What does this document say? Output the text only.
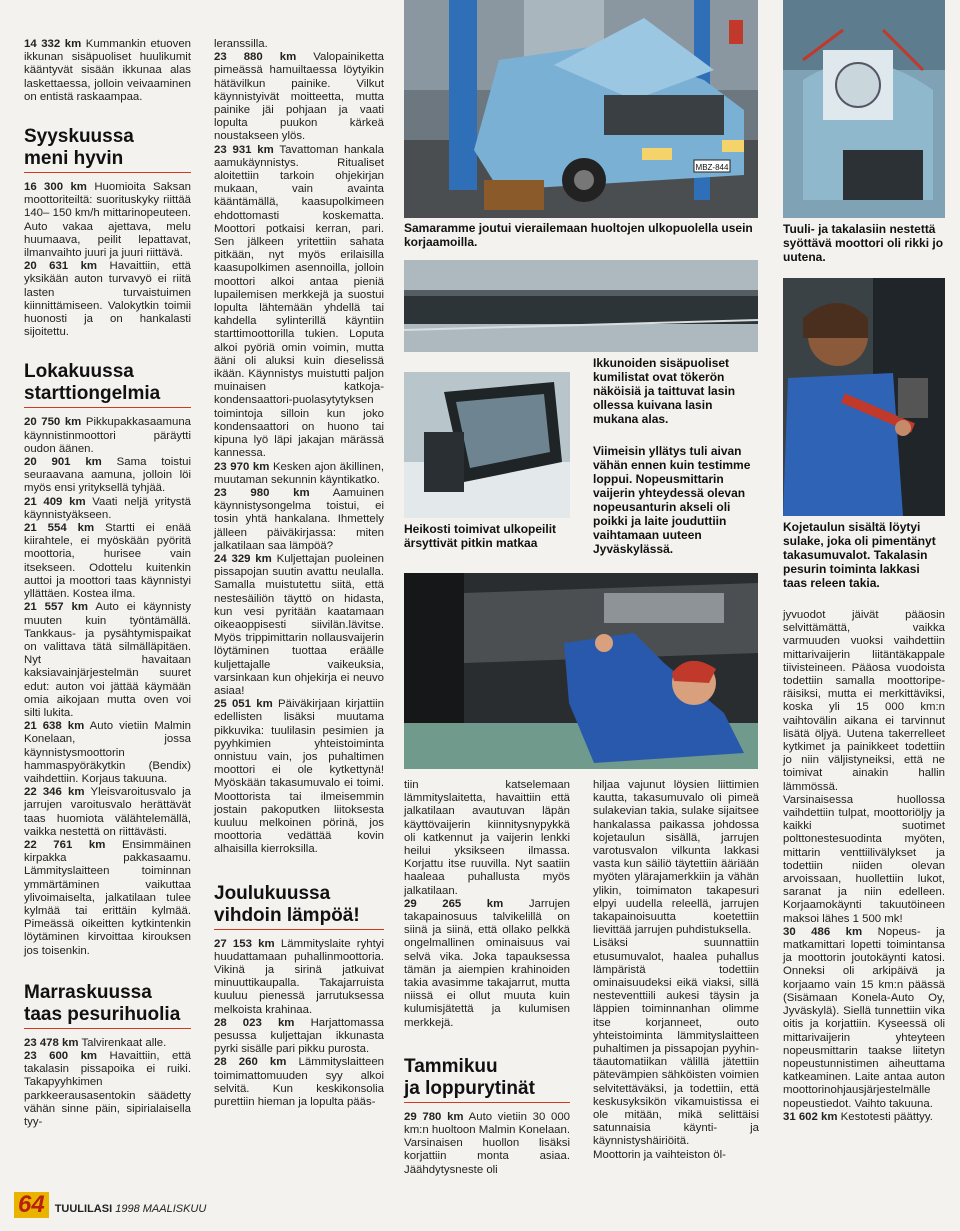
14 332 km Kummankin etuoven ikkunan sisäpuoliset huulikumit kääntyvät sisään ikkunaa alas laskettaessa, jolloin veivaaminen on entistä raskaampaa.

Syyskuussa
meni hyvin

16 300 km Huomioita Saksan moottoriteiltä: suorituskyky riittää 140– 150 km/h mittarinopeuteen. Auto vakaa ajettava, melu huumaava, peilit lepattavat, ilmanvaihto juuri ja juuri riittävä.

20 631 km Havaittiin, että yksikään auton turvavyö ei riitä lasten turvaistuimen kiinnittämiseen. Valokytkin toimii huonosti ja on hankalasti sijoitettu.

Lokakuussa
starttiongelmia

20 750 km Pikkupakkasaamuna käynnistinmoottori päräytti oudon äänen.

20 901 km Sama toistui seuraavana aamuna, jolloin löi myös ensi yrityksellä tyhjää.

21 409 km Vaati neljä yritystä käynnistyäkseen.

21 554 km Startti ei enää kiirahtele, ei myöskään pyöritä moottoria, hurisee vain itsekseen. Odottelu kuitenkin auttoi ja moottori taas käynnistyi yllättäen. Kostea ilma.

21 557 km Auto ei käynnisty muuten kuin työntämällä. Tankkaus- ja pysähtymispaikat on valittava tätä silmälläpitäen. Nyt havaitaan kaksiavainjärjestelmän suuret edut: auton voi jättää käymään omia aikojaan mutta oven voi silti lukita.

21 638 km Auto vietiin Malmin Konelaan, jossa käynnistysmoottorin hammaspyöräkytkin (Bendix) vaihdettiin. Korjaus takuuna.

22 346 km Yleisvaroitusvalo ja jarrujen varoitusvalo herättävät taas huomiota välähtelemällä, vaikka nestettä on riittävästi.

22 761 km Ensimmäinen kirpakka pakkasaamu. Lämmityslaitteen toiminnan ymmärtäminen vaikuttaa ylivoimaiselta, jalkatilaan tulee kylmää tai erittäin kylmää. Pimeässä oikeitten kytkintenkin löytäminen kirvoittaa kirouksen jos toisenkin.

Marraskuussa
taas pesurihuolia

23 478 km Talvirenkaat alle.

23 600 km Havaittiin, että takalasin pissapoika ei ruiki. Takapyyhkimen parkkeerausasentokin säädetty vähän sinne päin, sipirialaisella tyy-

leranssilla.

23 880 km Valopainiketta pimeässä hamuiltaessa löytyikin hätävilkun painike. Vilkut käynnistyivät moitteetta, mutta painike jäi pohjaan ja vaati lopulta puukon kärkeä noustakseen ylös.

23 931 km Tavattoman hankala aamukäynnistys. Ritualiset aloitettiin tarkoin ohjekirjan mukaan, vain avainta kääntämällä, kaasupolkimeen ehdottomasti koskematta. Moottori potkaisi kerran, pari. Sen jälkeen yritettiin sahata pitkään, nyt myös erilaisilla kaasupolkimen asennoilla, jolloin moottori alkoi antaa pieniä lupailemisen merkkejä ja suostui lopulta lähtemään yhdellä tai kahdella sylinterillä käyntiin starttimoottorilla tukien. Loputa alkoi pyöriä omin voimin, mutta ääni oli aluksi kuin dieselissä ikään. Käynnistys muistutti paljon muinaisen katkoja-kondensaattori-puolasytytyksen toimintoja silloin kun joko kondensaattori on huono tai kipuna lyö läpi jakajan märässä kannessa.

23 970 km Kesken ajon äkillinen, muutaman sekunnin käyntikatko.

23 980 km Aamuinen käynnistysongelma toistui, ei tosin yhtä hankalana. Ihmettely jälleen päiväkirjassa: miten jalkatilaan saa lämpöä?

24 329 km Kuljettajan puoleinen pissapojan suutin avattu neulalla. Samalla muistutettu siitä, että nestesäiliön täyttö on hidasta, kun vesi pyritään kaatamaan oikeaoppisesti siivilän.lävitse. Myös trippimittarin nollausvaijerin löytäminen tuottaa eräälle kuljettajalle vaikeuksia, varsinkaan kun ohjekirja ei neuvo asiaa!

25 051 km Päiväkirjaan kirjattiin edellisten lisäksi muutama pikkuvika: tuulilasin pesimien ja pyyhkimien yhteistoiminta onnistuu vain, jos puhaltimen moottori ei ole kytkettynä! Myöskään takasumuvalo ei toimi. Moottorista tai ilmeisemmin jostain pakoputken liitoksesta kuuluu melkoinen pörinä, jos moottoria vedättää kovin alhaisilla kierroksilla.

Joulukuussa
vihdoin lämpöä!

27 153 km Lämmityslaite ryhtyi huudattamaan puhallinmoottoria. Vikinä ja sirinä jatkuivat minuuttikaupalla. Takajarruista kuuluu pienessä jarrutuksessa melkoista krahinaa.

28 023 km Harjattomassa pesussa kuljettajan ikkunasta pyrki sisälle pari pikku purosta.

28 260 km Lämmityslaitteen toimimattomuuden syy alkoi selvitä. Kun keskikonsolia purettiin hieman ja lopulta pääs-

MBZ-844
Samaramme joutui vierailemaan huoltojen ulkopuolella usein korjaamoilla.
Tuuli- ja takalasiin nestettä syöttävä moottori oli rikki jo uutena.
Ikkunoiden sisäpuoliset kumilistat ovat tökerön näköisiä ja taittuvat lasin ollessa kuivana lasin mukana alas.
Heikosti toimivat ulkopeilit ärsyttivät pitkin matkaa
Viimeisin yllätys tuli aivan vähän ennen kuin testimme loppui. Nopeusmittarin vaijerin yhteydessä olevan nopeusanturin akseli oli poikki ja laite jouduttiin vaihtamaan uuteen Jyväskylässä.
Kojetaulun sisältä löytyi sulake, joka oli pimentänyt takasumuvalot. Takalasin pesurin toiminta lakkasi taas releen takia.

tiin katselemaan lämmityslaitetta, havaittiin että jalkatilaan avautuvan läpän käyttövaijerin kiinnitysnypykkä oli katkennut ja vaijerin lenkki heilui yksikseen ilmassa. Korjattu itse ruuvilla. Nyt saatiin haaleaa puhallusta myös jalkatilaan.

29 265 km Jarrujen takapainosuus talvikelillä on siinä ja siinä, että ollako pelkkä ongelmallinen ominaisuus vai selvä vika. Joka tapauksessa tämän ja aiempien krahinoiden takia avasimme takajarrut, mutta niissä ei ollut muuta kuin kulumisjätettä ja kulumisen merkkejä.

Tammikuu
ja loppurytinät

29 780 km Auto vietiin 30 000 km:n huoltoon Malmin Konelaan. Varsinaisen huollon lisäksi korjattiin monta asiaa. Jäähdytysneste oli

hiljaa vajunut löysien liittimien kautta, takasumuvalo oli pimeä sulakevian takia, sulake sijaitsee hankalassa paikassa johdossa kojetaulun sisällä, jarrujen varotusvalon vilkunta lakkasi vasta kun säiliö täytettiin ääriään myöten ylärajamerkkiin ja vähän ylikin, toimimaton takapesuri elpyi uudella releellä, jarrujen takapainoisuutta koetettiin lievittää jarrujen puhdistuksella.

Lisäksi suunnattiin etusumuvalot, haalea puhallus lämpäristä todettiin ominaisuudeksi eikä viaksi, sillä nesteventtiili aukesi täysin ja läppien toiminnanhan olimme itse korjanneet, outo yhteistoiminta lämmityslaitteen puhaltimen ja pissapojan pyyhintäautomatiikan välillä jätettiin pätevämpien sähköisten voimien selvitettäväksi, ja todettiin, että keskusyksikön vikamuistissa ei ole mitään, mikä selittäisi satunnaisia käynti- ja käynnistyshäiriöitä.

Moottorin ja vaihteiston öl-

jyvuodot jäivät pääosin selvittämättä, vaikka varmuuden vuoksi vaihdettiin mittarivaijerin liitäntäkappale tiivisteineen. Pääosa vuodoista todettiin samalla moottoriperäisiksi, mutta ei merkittäviksi, koska yli 15 000 km:n vaihtovälin aikana ei tarvinnut lisätä öljyä. Uutena takerrelleet kytkimet ja painikkeet todettiin jo niin väljistyneiksi, että ne toimivat ainakin hallin lämmössä.

Varsinaisessa huollossa vaihdettiin tulpat, moottoriöljy ja kaikki suotimet polttonestesuodinta myöten, mittarin venttiilivälykset ja todettiin niiden olevan arvoissaan, huollettiin lukot, saranat ja niin edelleen. Korjaamokäynti takuutöineen maksoi lähes 1 500 mk!

30 486 km Nopeus- ja matkamittari lopetti toimintansa ja moottorin joutokäynti katosi. Onneksi oli arkipäivä ja korjaamo vain 15 km:n päässä (Sisämaan Konela-Auto Oy, Jyväskylä). Siellä tunnettiin vika oitis ja korjattiin. Kyseessä oli mittarivaijerin yhteyteen nopeusmittarin taakse liitetyn nopeustunnistimen aiheuttama katkeaminen. Laite antaa auton moottorinohjausjärjestelmälle nopeustiedot. Vaihto takuuna.

31 602 km Kestotesti päättyy.

64 TUULILASI 1998 MAALISKUU
